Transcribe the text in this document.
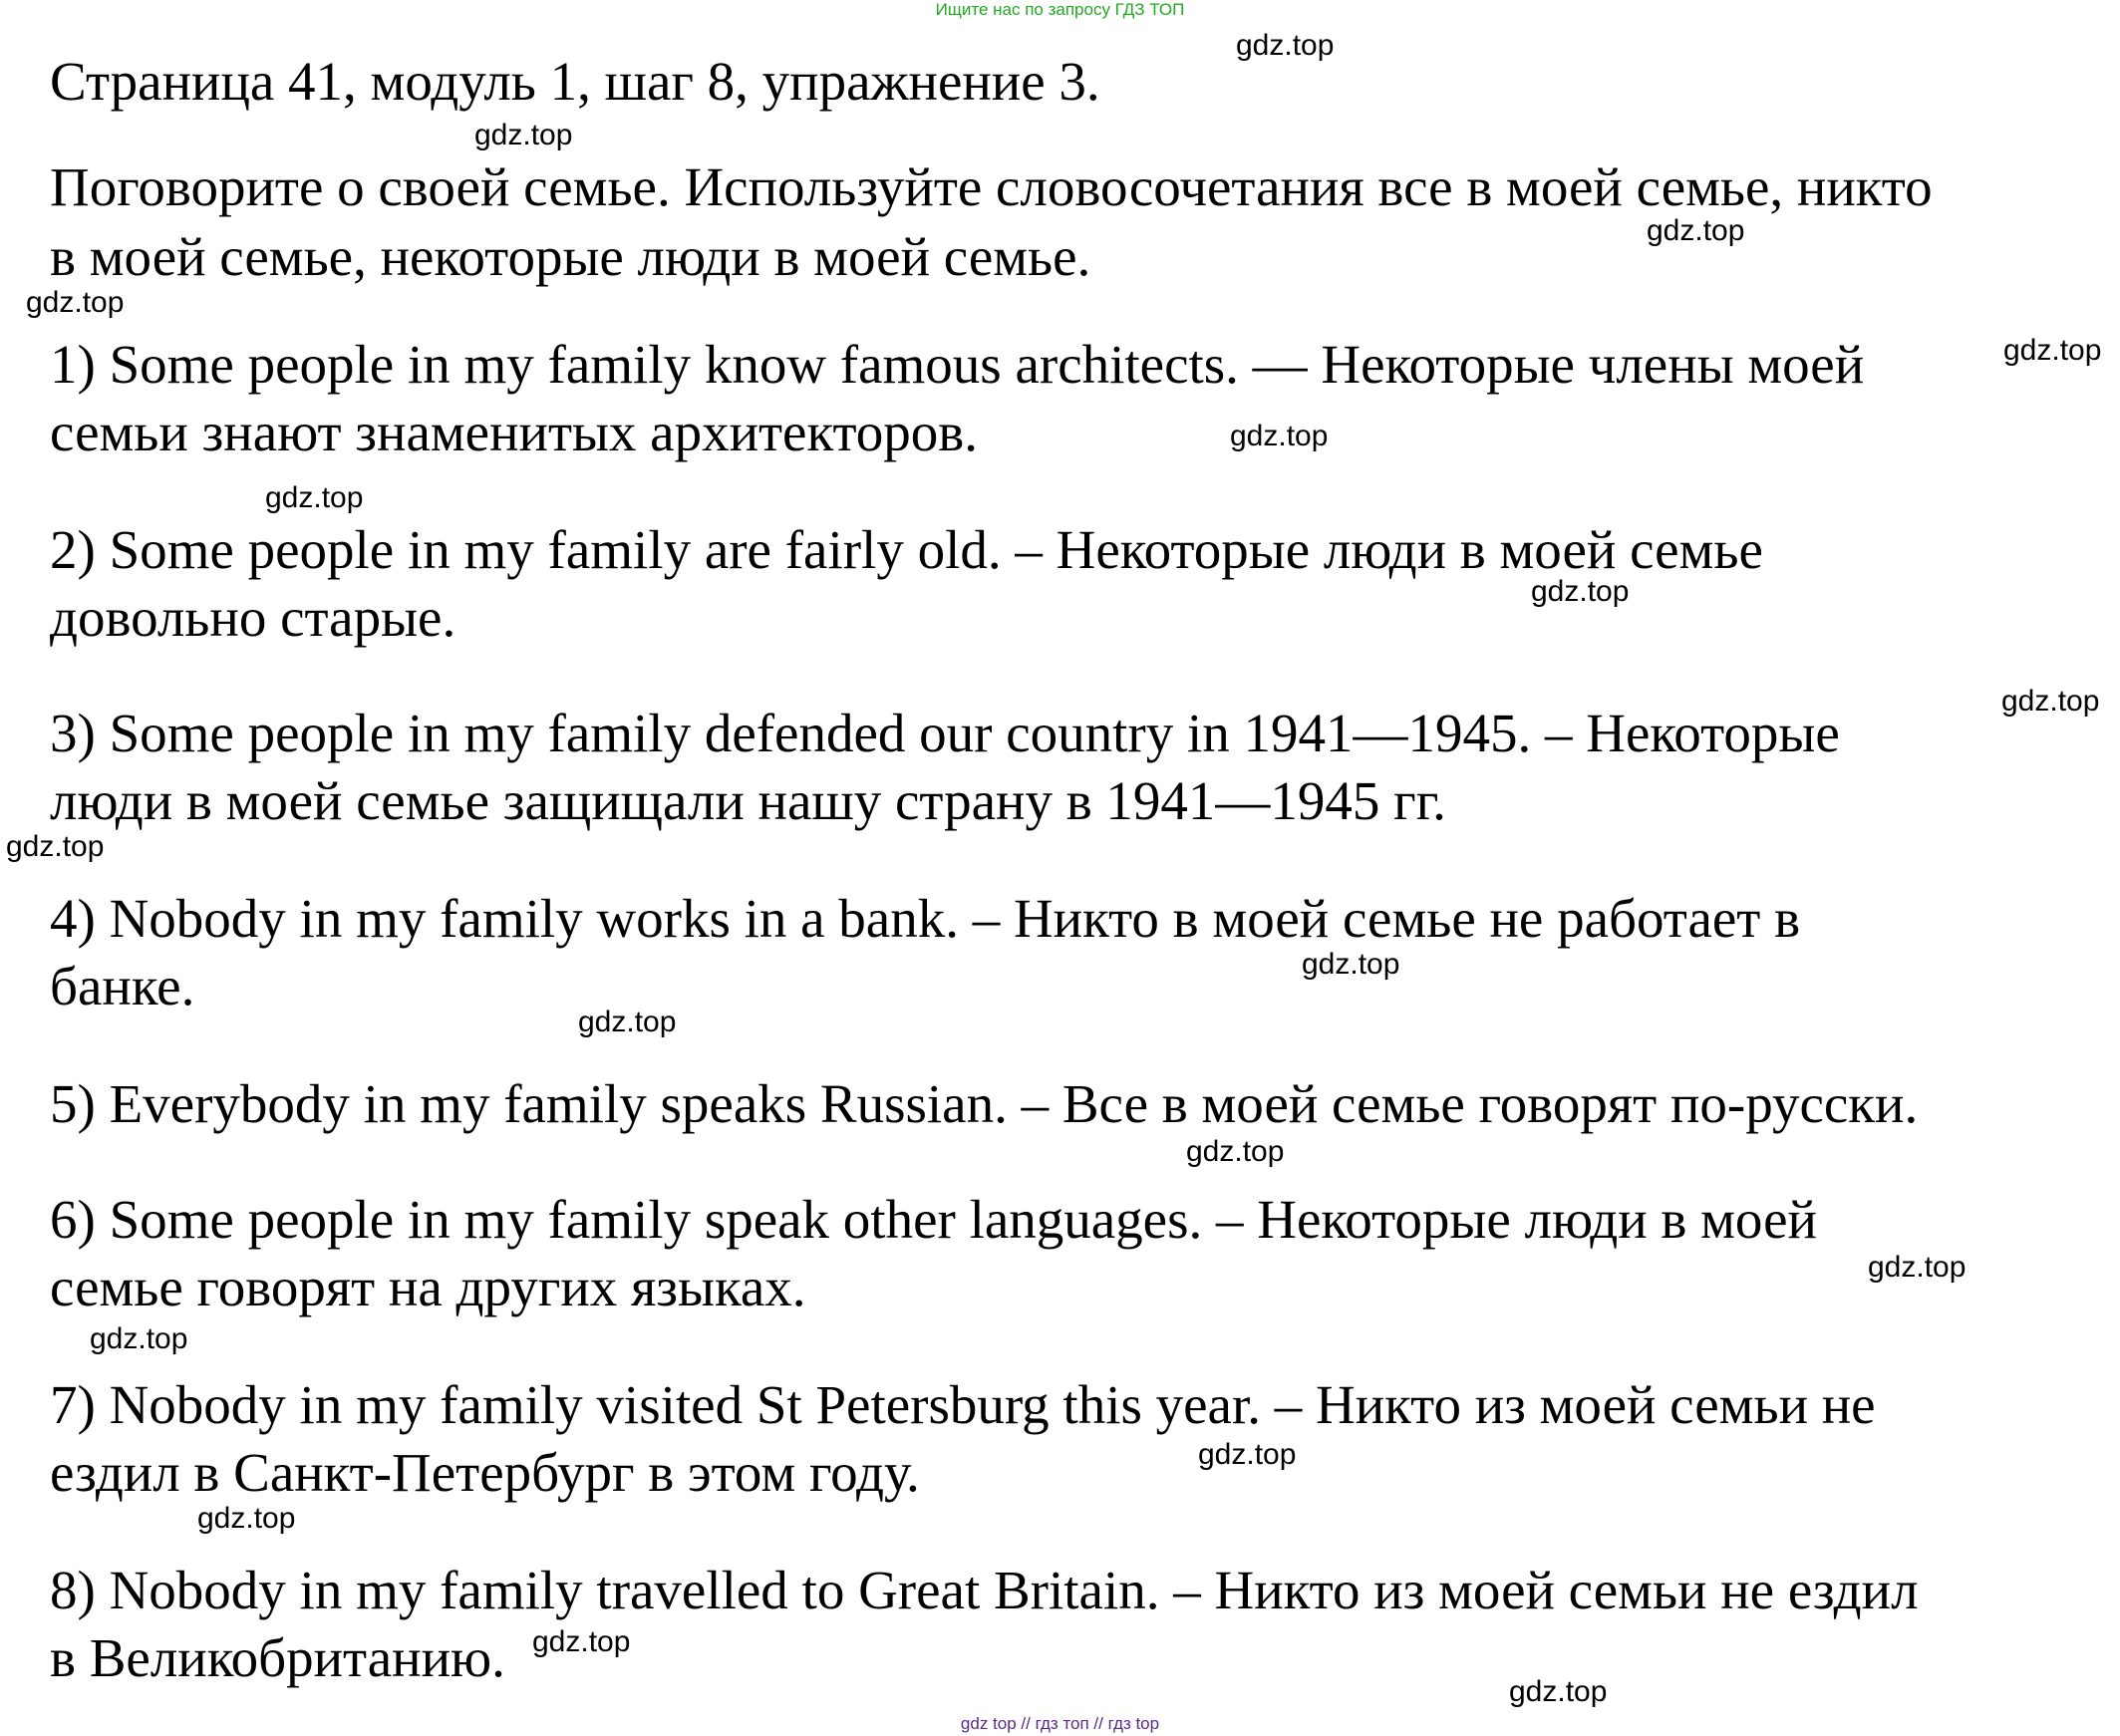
Ищите нас по запросу ГДЗ ТОП

Страница 41, модуль 1, шаг 8, упражнение 3.

Поговорите о своей семье. Используйте словосочетания все в моей семье, никто

в моей семье, некоторые люди в моей семье.

1) Some people in my family know famous architects. — Некоторые члены моей

семьи знают знаменитых архитекторов.

2) Some people in my family are fairly old. – Некоторые люди в моей семье

довольно старые.

3) Some people in my family defended our country in 1941—1945. – Некоторые

люди в моей семье защищали нашу страну в 1941—1945 гг.

4) Nobody in my family works in a bank. – Никто в моей семье не работает в

банке.

5) Everybody in my family speaks Russian. – Все в моей семье говорят по-русски.

6) Some people in my family speak other languages. – Некоторые люди в моей

семье говорят на других языках.

7) Nobody in my family visited St Petersburg this year. – Никто из моей семьи не

ездил в Санкт-Петербург в этом году.

8) Nobody in my family travelled to Great Britain. – Никто из моей семьи не ездил

в Великобританию.

gdz.top
gdz.top
gdz.top
gdz.top
gdz.top
gdz.top
gdz.top
gdz.top
gdz.top
gdz.top
gdz.top
gdz.top
gdz.top
gdz.top
gdz.top
gdz.top
gdz.top
gdz.top
gdz.top
gdz top // гдз топ // гдз top
